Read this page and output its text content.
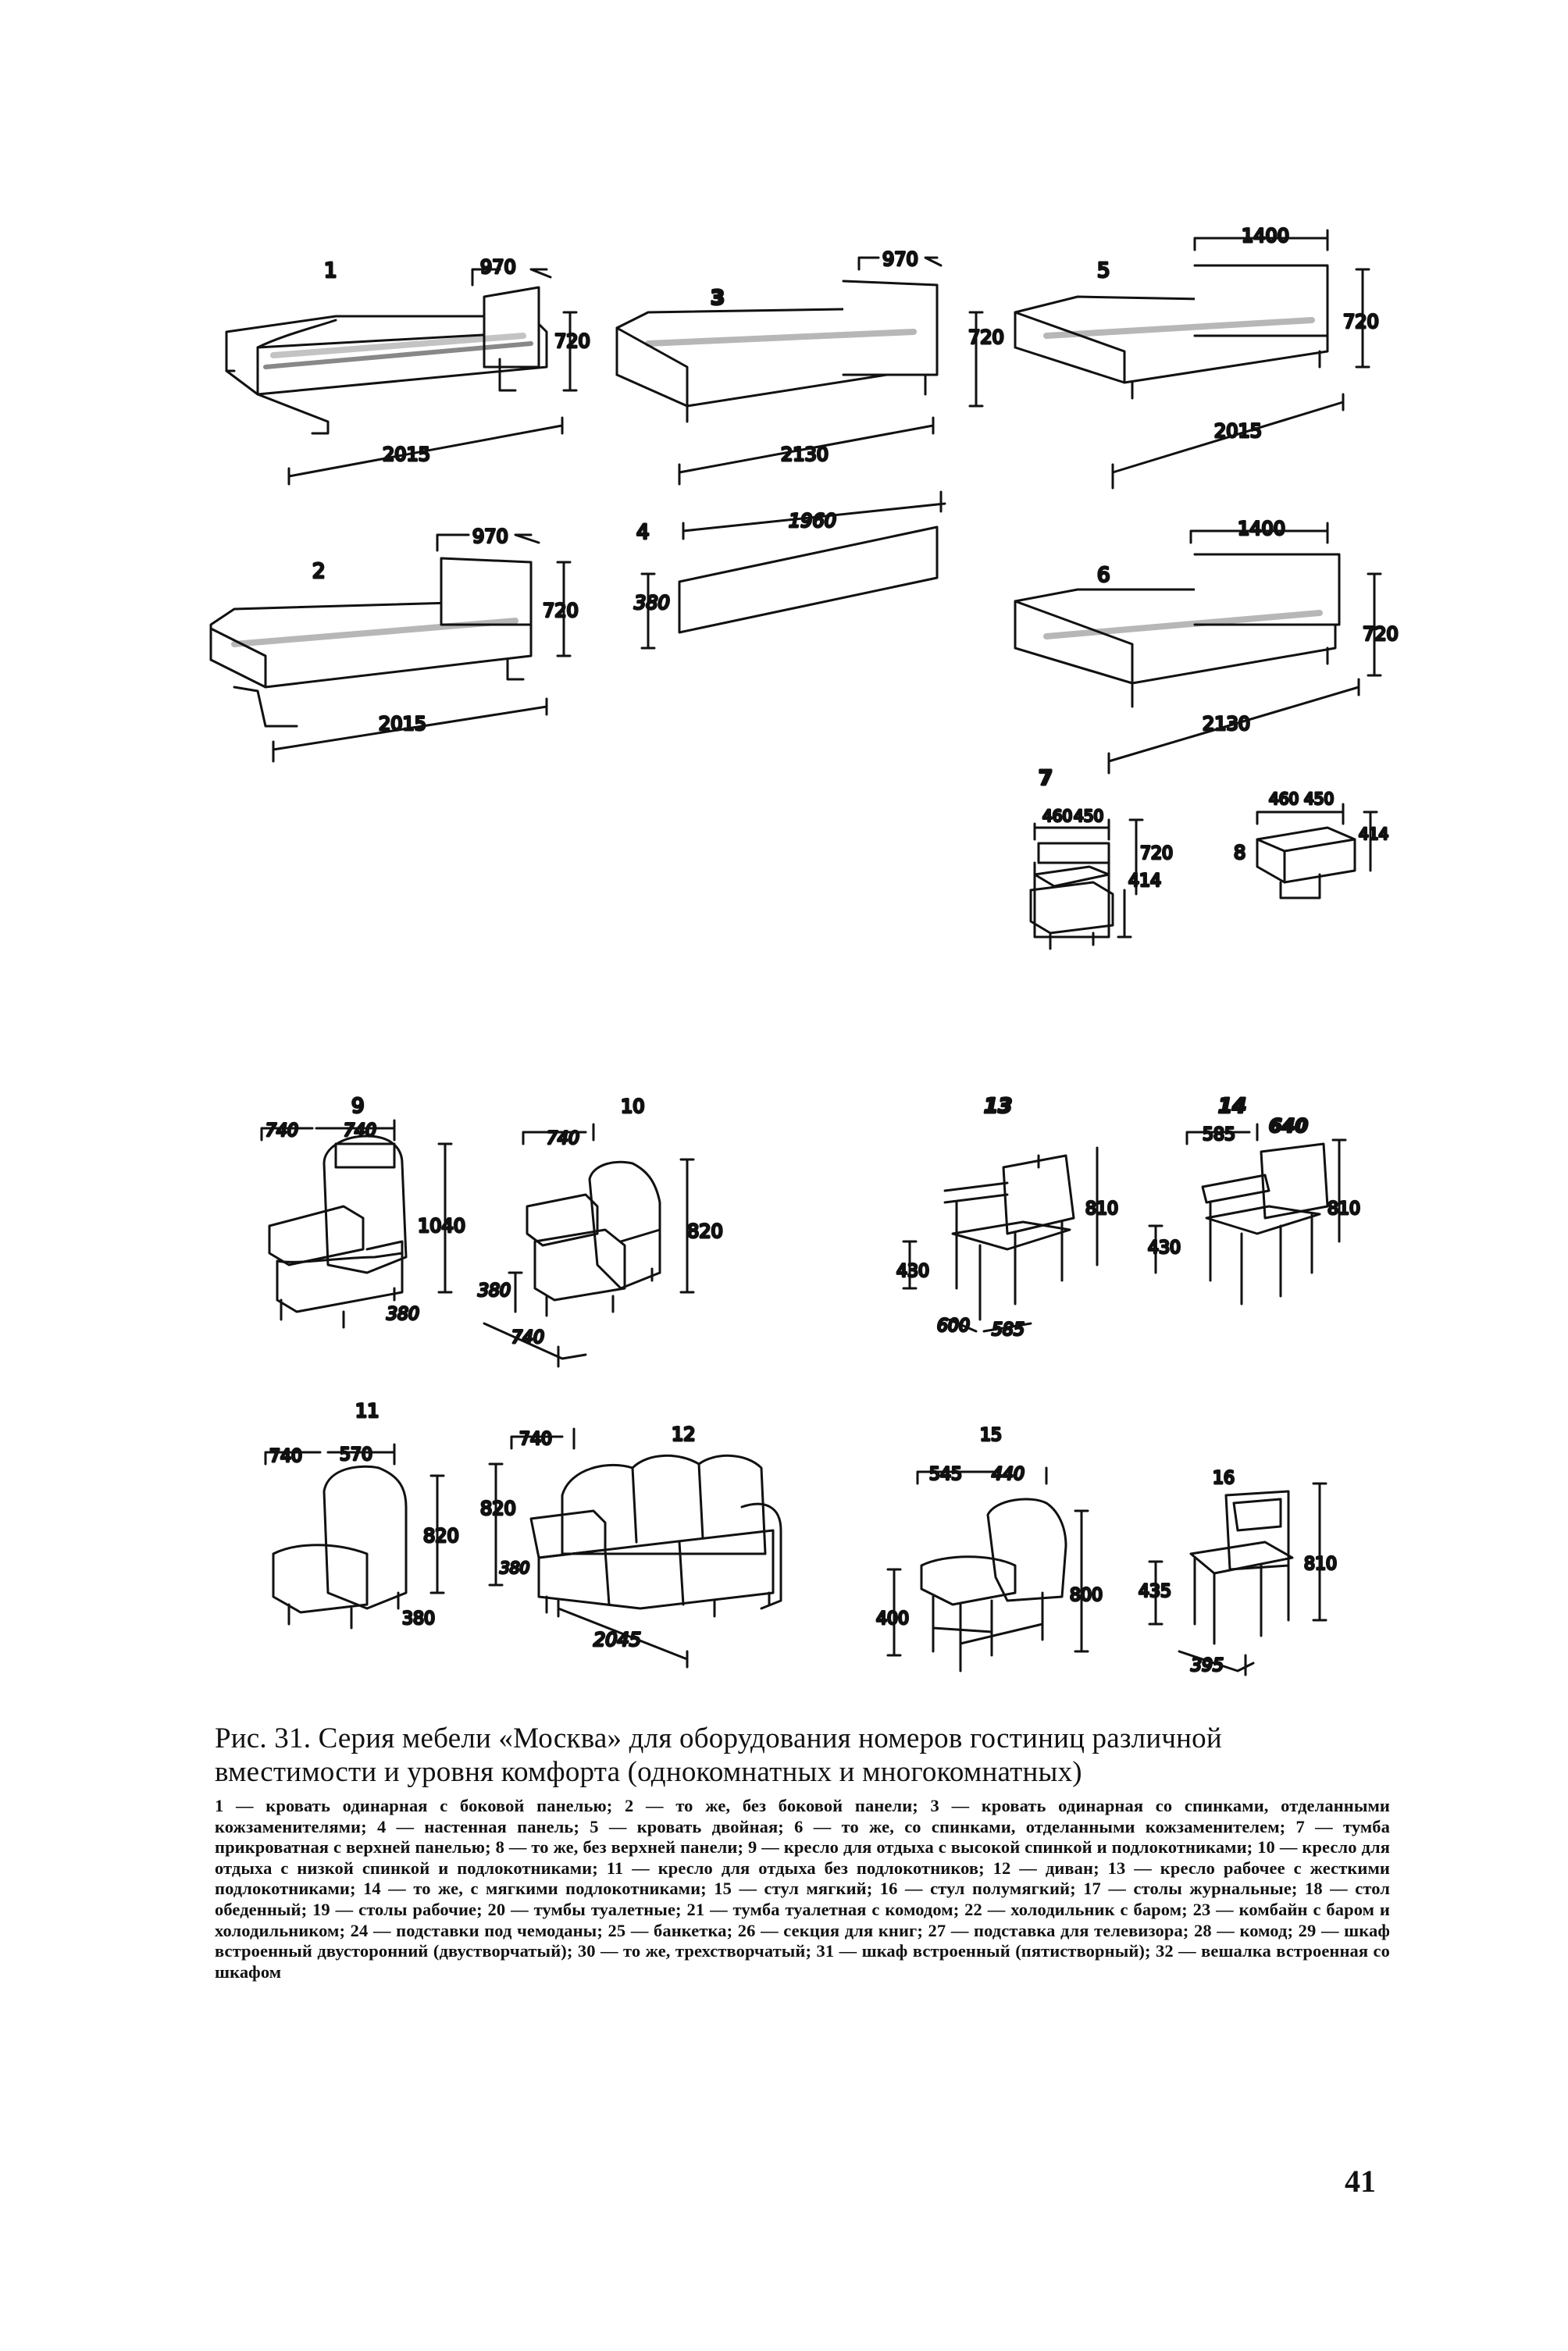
1	970
720
2015
2
970
720
2015
3
970
720
2130
4	1960
380
5
1400
720
2015
6
1400
720
2130
7
460 450
720
414
8
460 450
414
9
740	740
1040
380
10
740
820
380
740
11
740 570
820
380
12
740
820
380
2045
13
810
430
600 585
14
585 640
810
430
15
545 440
400
800
16
435
810
395
Рис. 31. Серия мебели «Москва» для оборудования номеров гостиниц различной вместимости и уровня комфорта (однокомнатных и многокомнатных)
1 — кровать одинарная с боковой панелью; 2 — то же, без боковой панели; 3 — кровать одинарная со спинками, отделанными кожзаменителями; 4 — настенная панель; 5 — кровать двойная; 6 — то же, со спинками, отделанными кожзаменителем; 7 — тумба прикроватная с верхней панелью; 8 — то же, без верхней панели; 9 — кресло для отдыха с высокой спинкой и подлокотниками; 10 — кресло для отдыха с низкой спинкой и подлокотниками; 11 — кресло для отдыха без подлокотников; 12 — диван; 13 — кресло рабочее с жесткими подлокотниками; 14 — то же, с мягкими подлокотниками; 15 — стул мягкий; 16 — стул полумягкий; 17 — столы журнальные; 18 — стол обеденный; 19 — столы рабочие; 20 — тумбы туалетные; 21 — тумба туалетная с комодом; 22 — холодильник с баром; 23 — комбайн с баром и холодильником; 24 — подставки под чемоданы; 25 — банкетка; 26 — секция для книг; 27 — подставка для телевизора; 28 — комод; 29 — шкаф встроенный двусторонний (двустворчатый); 30 — то же, трехстворчатый; 31 — шкаф встроенный (пятистворный); 32 — вешалка встроенная со шкафом
41
